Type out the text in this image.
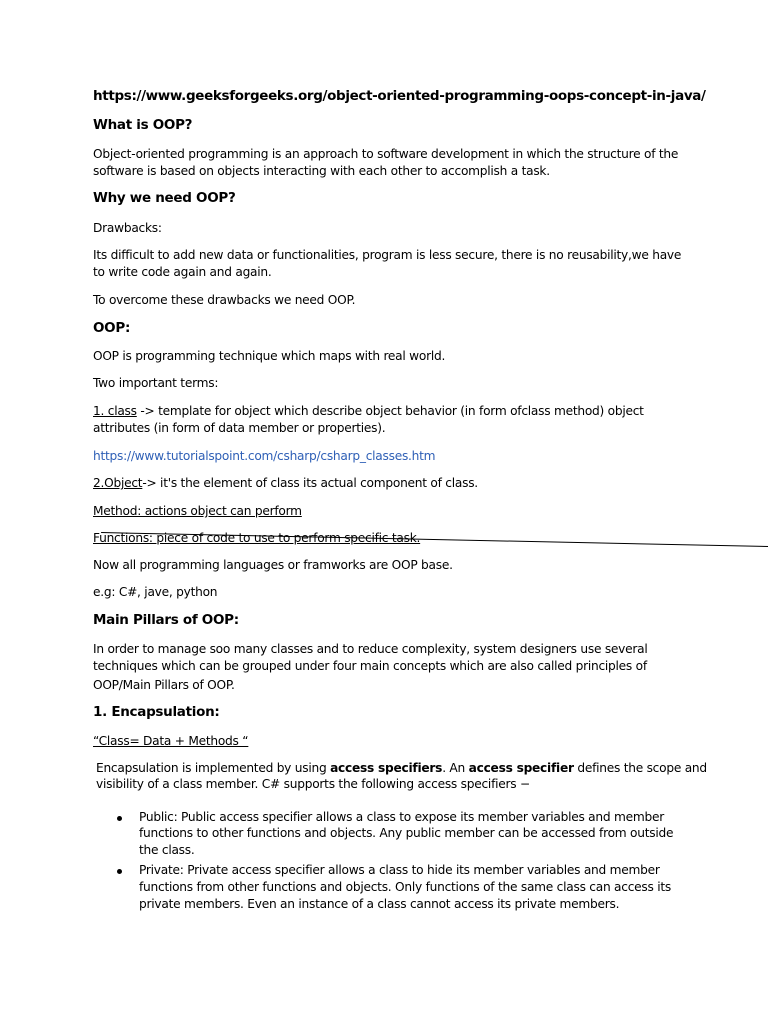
https://www.geeksforgeeks.org/object-oriented-programming-oops-concept-in-java/

What is OOP?

Object-oriented programming is an approach to software development in which the structure of the

software is based on objects interacting with each other to accomplish a task.

Why we need OOP?

Drawbacks:

Its difficult to add new data or functionalities, program is less secure, there is no reusability,we have

to write code again and again.

To overcome these drawbacks we need OOP.

OOP:

OOP is programming technique which maps with real world.

Two important terms:

1. class -> template for object which describe object behavior (in form ofclass method) object

attributes (in form of data member or properties).

https://www.tutorialspoint.com/csharp/csharp_classes.htm

2.Object-> it's the element of class its actual component of class.

Method: actions object can perform

Functions: piece of code to use to perform specific task.

Now all programming languages or framworks are OOP base.

e.g: C#, jave, python

Main Pillars of OOP:

In order to manage soo many classes and to reduce complexity, system designers use several

techniques which can be grouped under four main concepts which are also called principles of

OOP/Main Pillars of OOP.

1. Encapsulation:

“Class= Data + Methods “

Encapsulation is implemented by using access specifiers. An access specifier defines the scope and

visibility of a class member. C# supports the following access specifiers −

Public: Public access specifier allows a class to expose its member variables and member

functions to other functions and objects. Any public member can be accessed from outside

the class.

Private: Private access specifier allows a class to hide its member variables and member

functions from other functions and objects. Only functions of the same class can access its

private members. Even an instance of a class cannot access its private members.
